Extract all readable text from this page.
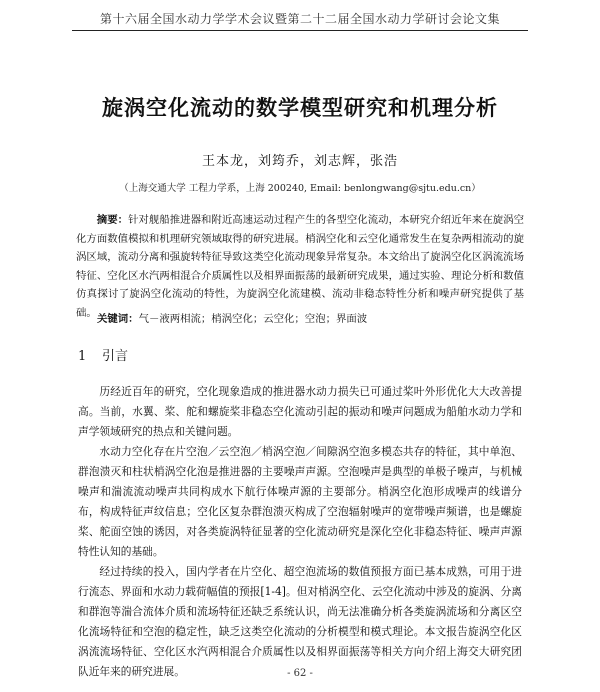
第十六届全国水动力学学术会议暨第二十二届全国水动力学研讨会论文集
旋涡空化流动的数学模型研究和机理分析
王本龙，刘筠乔，刘志辉，张浩
（上海交通大学 工程力学系，上海 200240, Email: benlongwang@sjtu.edu.cn）
摘要：针对舰船推进器和附近高速运动过程产生的各型空化流动，本研究介绍近年来在旋涡空化方面数值模拟和机理研究领域取得的研究进展。梢涡空化和云空化通常发生在复杂两相流动的旋涡区域，流动分离和强旋转特征导致这类空化流动现象异常复杂。本文给出了旋涡空化区涡流流场特征、空化区水汽两相混合介质属性以及相界面振荡的最新研究成果，通过实验、理论分析和数值仿真探讨了旋涡空化流动的特性，为旋涡空化流建模、流动非稳态特性分析和噪声研究提供了基础。
关键词：气－液两相流；梢涡空化；云空化；空泡；界面波
1 引言

历经近百年的研究，空化现象造成的推进器水动力损失已可通过桨叶外形优化大大改善提高。当前，水翼、桨、舵和螺旋桨非稳态空化流动引起的振动和噪声问题成为船舶水动力学和声学领域研究的热点和关键问题。

水动力空化存在片空泡／云空泡／梢涡空泡／间隙涡空泡多模态共存的特征，其中单泡、群泡溃灭和柱状梢涡空化泡是推进器的主要噪声声源。空泡噪声是典型的单极子噪声，与机械噪声和湍流流动噪声共同构成水下航行体噪声源的主要部分。梢涡空化泡形成噪声的线谱分布，构成特征声纹信息；空化区复杂群泡溃灭构成了空泡辐射噪声的宽带噪声频谱，也是螺旋桨、舵面空蚀的诱因，对各类旋涡特征显著的空化流动研究是深化空化非稳态特征、噪声声源特性认知的基础。

经过持续的投入，国内学者在片空化、超空泡流场的数值预报方面已基本成熟，可用于进行流态、界面和水动力载荷幅值的预报[1-4]。但对梢涡空化、云空化流动中涉及的旋涡、分离和群泡等湍合流体介质和流场特征还缺乏系统认识，尚无法准确分析各类旋涡流场和分离区空化流场特征和空泡的稳定性，缺乏这类空化流动的分析模型和模式理论。本文报告旋涡空化区涡流流场特征、空化区水汽两相混合介质属性以及相界面振荡等相关方向介绍上海交大研究团队近年来的研究进展。	- 62 -
